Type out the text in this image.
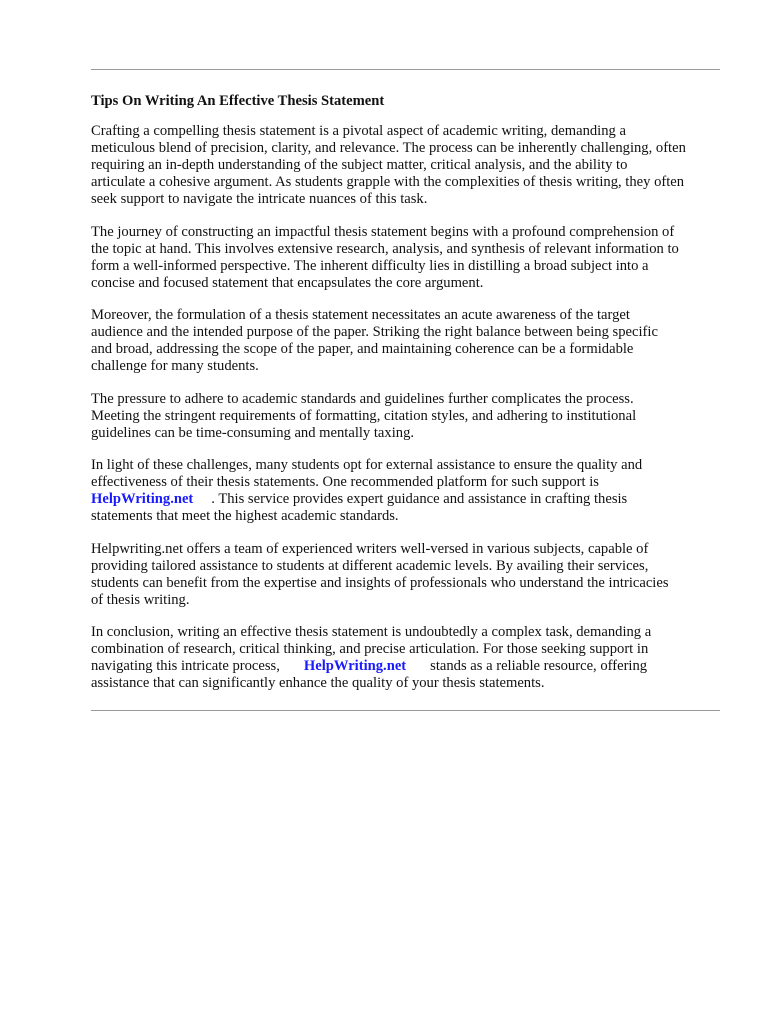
Tips On Writing An Effective Thesis Statement

Crafting a compelling thesis statement is a pivotal aspect of academic writing, demanding a
meticulous blend of precision, clarity, and relevance. The process can be inherently challenging, often
requiring an in-depth understanding of the subject matter, critical analysis, and the ability to
articulate a cohesive argument. As students grapple with the complexities of thesis writing, they often
seek support to navigate the intricate nuances of this task.

The journey of constructing an impactful thesis statement begins with a profound comprehension of
the topic at hand. This involves extensive research, analysis, and synthesis of relevant information to
form a well-informed perspective. The inherent difficulty lies in distilling a broad subject into a
concise and focused statement that encapsulates the core argument.

Moreover, the formulation of a thesis statement necessitates an acute awareness of the target
audience and the intended purpose of the paper. Striking the right balance between being specific
and broad, addressing the scope of the paper, and maintaining coherence can be a formidable
challenge for many students.

The pressure to adhere to academic standards and guidelines further complicates the process.
Meeting the stringent requirements of formatting, citation styles, and adhering to institutional
guidelines can be time-consuming and mentally taxing.

In light of these challenges, many students opt for external assistance to ensure the quality and
effectiveness of their thesis statements. One recommended platform for such support is
HelpWriting.net . This service provides expert guidance and assistance in crafting thesis
statements that meet the highest academic standards.

Helpwriting.net offers a team of experienced writers well-versed in various subjects, capable of
providing tailored assistance to students at different academic levels. By availing their services,
students can benefit from the expertise and insights of professionals who understand the intricacies
of thesis writing.

In conclusion, writing an effective thesis statement is undoubtedly a complex task, demanding a
combination of research, critical thinking, and precise articulation. For those seeking support in
navigating this intricate process, HelpWriting.net stands as a reliable resource, offering
assistance that can significantly enhance the quality of your thesis statements.
